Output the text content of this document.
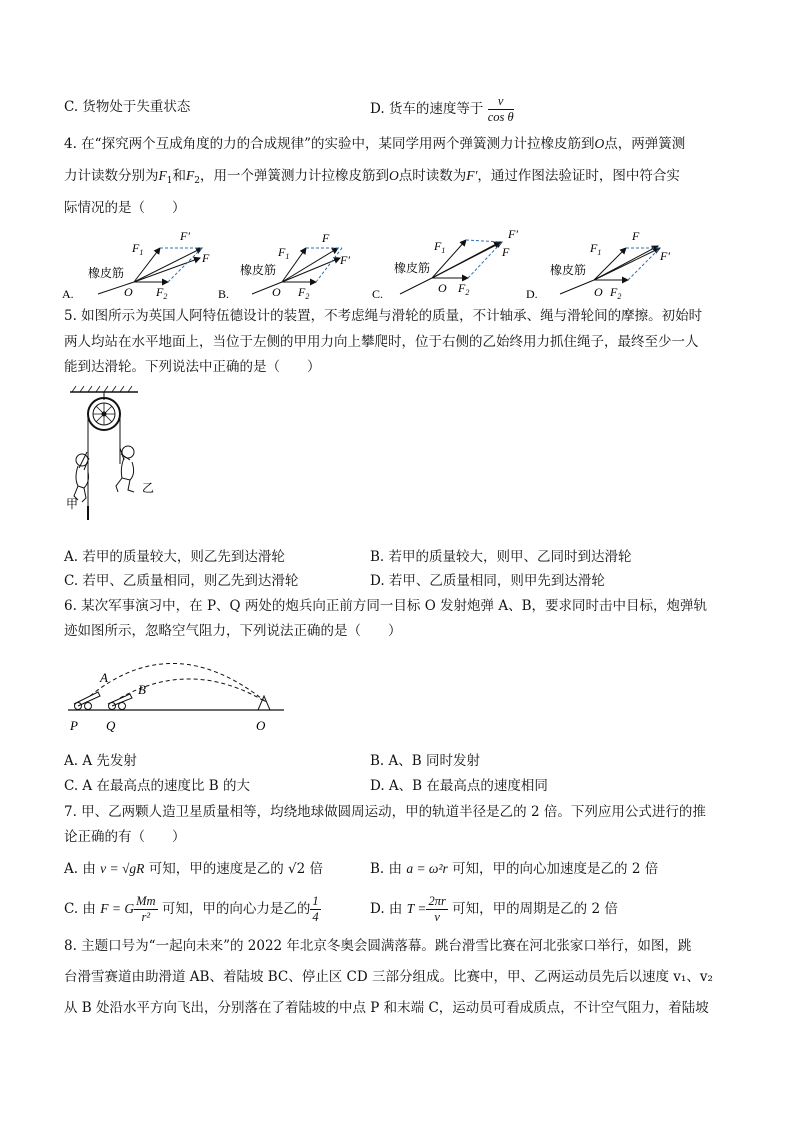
C. 货物处于失重状态	D. 货车的速度等于 $\frac{v}{\text{cos θ}}$
4. 在“探究两个互成角度的力的合成规律”的实验中，某同学用两个弹簧测力计拉橡皮筋到O点，两弹簧测
力计读数分别为$F_1$和$F_2$，用一个弹簧测力计拉橡皮筋到O点时读数为F′，通过作图法验证时，图中符合实
际情况的是（　　）
A.
橡皮筋
O $F_2$
$F_1$
F′
F
B.
橡皮筋
O $F_2$
$F_1$
F
F′
C.
橡皮筋
O $F_2$
$F_1$
F′
F
D.
橡皮筋
O $F_2$
$F_1$
F
F′
5. 如图所示为英国人阿特伍德设计的装置，不考虑绳与滑轮的质量，不计轴承、绳与滑轮间的摩擦。初始时
两人均站在水平地面上，当位于左侧的甲用力向上攀爬时，位于右侧的乙始终用力抓住绳子，最终至少一人
能到达滑轮。下列说法中正确的是（　　）
甲
乙
A. 若甲的质量较大，则乙先到达滑轮	B. 若甲的质量较大，则甲、乙同时到达滑轮
C. 若甲、乙质量相同，则乙先到达滑轮	D. 若甲、乙质量相同，则甲先到达滑轮
6. 某次军事演习中，在 P、Q 两处的炮兵向正前方同一目标 O 发射炮弹 A、B，要求同时击中目标，炮弹轨
迹如图所示，忽略空气阻力，下列说法正确的是（　　）
A
B
P Q	O
A. A 先发射	B. A、B 同时发射
C. A 在最高点的速度比 B 的大	D. A、B 在最高点的速度相同
7. 甲、乙两颗人造卫星质量相等，均绕地球做圆周运动，甲的轨道半径是乙的 2 倍。下列应用公式进行的推
论正确的有（　　）
A. 由 v = √gR 可知，甲的速度是乙的 √2 倍	B. 由 a = ω²r 可知，甲的向心加速度是乙的 2 倍
C. 由 F = G $\frac{Mm}{\text{r²}}$ 可知，甲的向心力是乙的 $\frac{1}{4}$	D. 由 $T = \frac{2\pi r}{v}$ 可知，甲的周期是乙的 2 倍
8. 主题口号为“一起向未来”的 2022 年北京冬奥会圆满落幕。跳台滑雪比赛在河北张家口举行，如图，跳
台滑雪赛道由助滑道 AB、着陆坡 BC、停止区 CD 三部分组成。比赛中，甲、乙两运动员先后以速度 v₁、v₂
从 B 处沿水平方向飞出，分别落在了着陆坡的中点 P 和末端 C，运动员可看成质点，不计空气阻力，着陆坡
